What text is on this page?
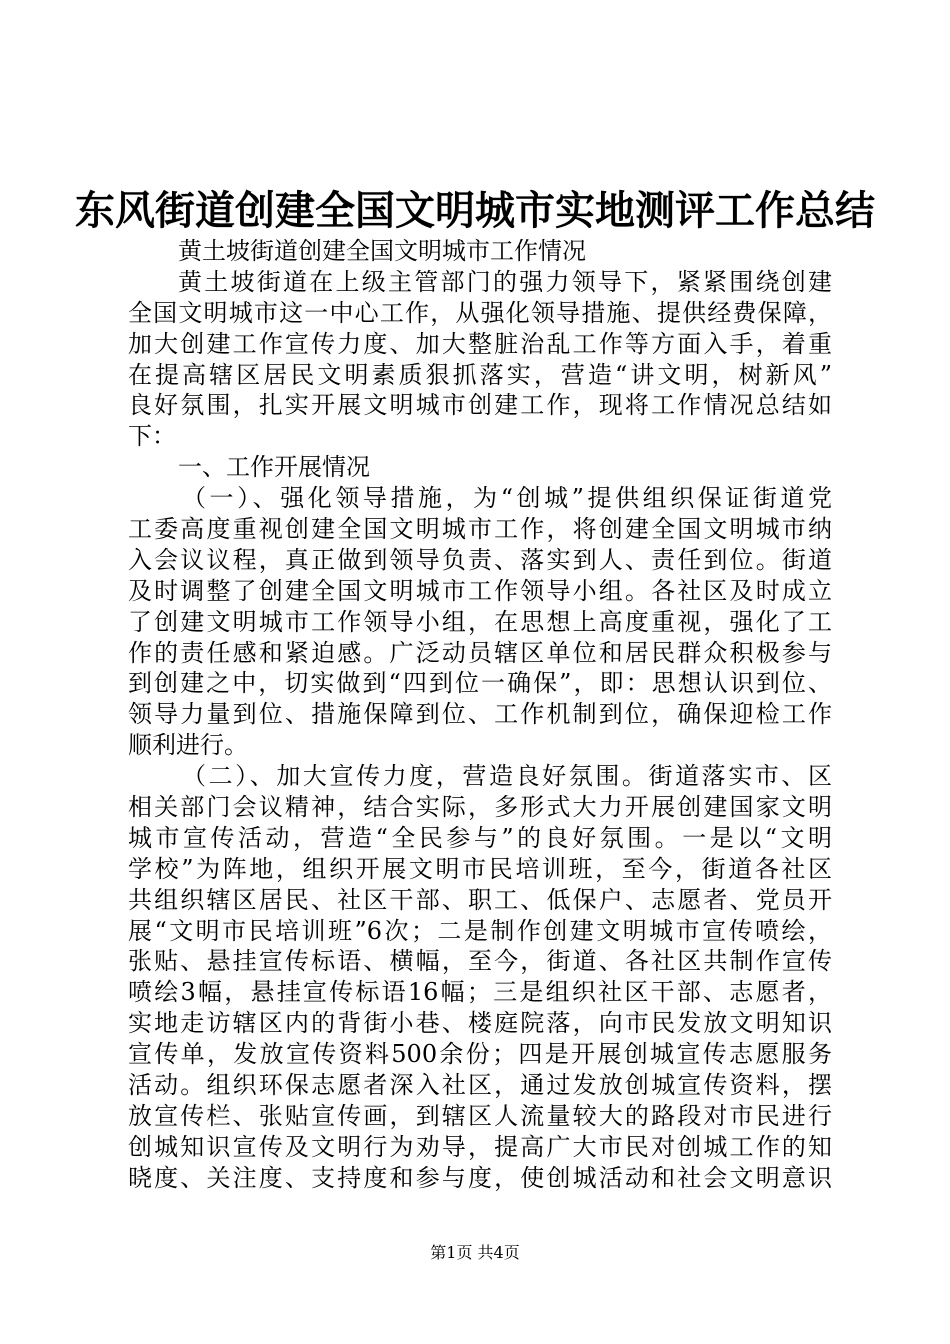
东风街道创建全国文明城市实地测评工作总结
黄土坡街道创建全国文明城市工作情况
黄土坡街道在上级主管部门的强力领导下，紧紧围绕创建
全国文明城市这一中心工作，从强化领导措施、提供经费保障，
加大创建工作宣传力度、加大整脏治乱工作等方面入手，着重
在提高辖区居民文明素质狠抓落实，营造“讲文明，树新风”
良好氛围，扎实开展文明城市创建工作，现将工作情况总结如
下：
一、工作开展情况
（一）、强化领导措施，为“创城”提供组织保证街道党
工委高度重视创建全国文明城市工作，将创建全国文明城市纳
入会议议程，真正做到领导负责、落实到人、责任到位。街道
及时调整了创建全国文明城市工作领导小组。各社区及时成立
了创建文明城市工作领导小组，在思想上高度重视，强化了工
作的责任感和紧迫感。广泛动员辖区单位和居民群众积极参与
到创建之中，切实做到“四到位一确保”，即：思想认识到位、
领导力量到位、措施保障到位、工作机制到位，确保迎检工作
顺利进行。
（二）、加大宣传力度，营造良好氛围。街道落实市、区
相关部门会议精神，结合实际，多形式大力开展创建国家文明
城市宣传活动，营造“全民参与”的良好氛围。一是以“文明
学校”为阵地，组织开展文明市民培训班，至今，街道各社区
共组织辖区居民、社区干部、职工、低保户、志愿者、党员开
展“文明市民培训班”6次；二是制作创建文明城市宣传喷绘，
张贴、悬挂宣传标语、横幅，至今，街道、各社区共制作宣传
喷绘3幅，悬挂宣传标语16幅；三是组织社区干部、志愿者，
实地走访辖区内的背街小巷、楼庭院落，向市民发放文明知识
宣传单，发放宣传资料500余份；四是开展创城宣传志愿服务
活动。组织环保志愿者深入社区，通过发放创城宣传资料，摆
放宣传栏、张贴宣传画，到辖区人流量较大的路段对市民进行
创城知识宣传及文明行为劝导，提高广大市民对创城工作的知
晓度、关注度、支持度和参与度，使创城活动和社会文明意识
第1页 共4页
